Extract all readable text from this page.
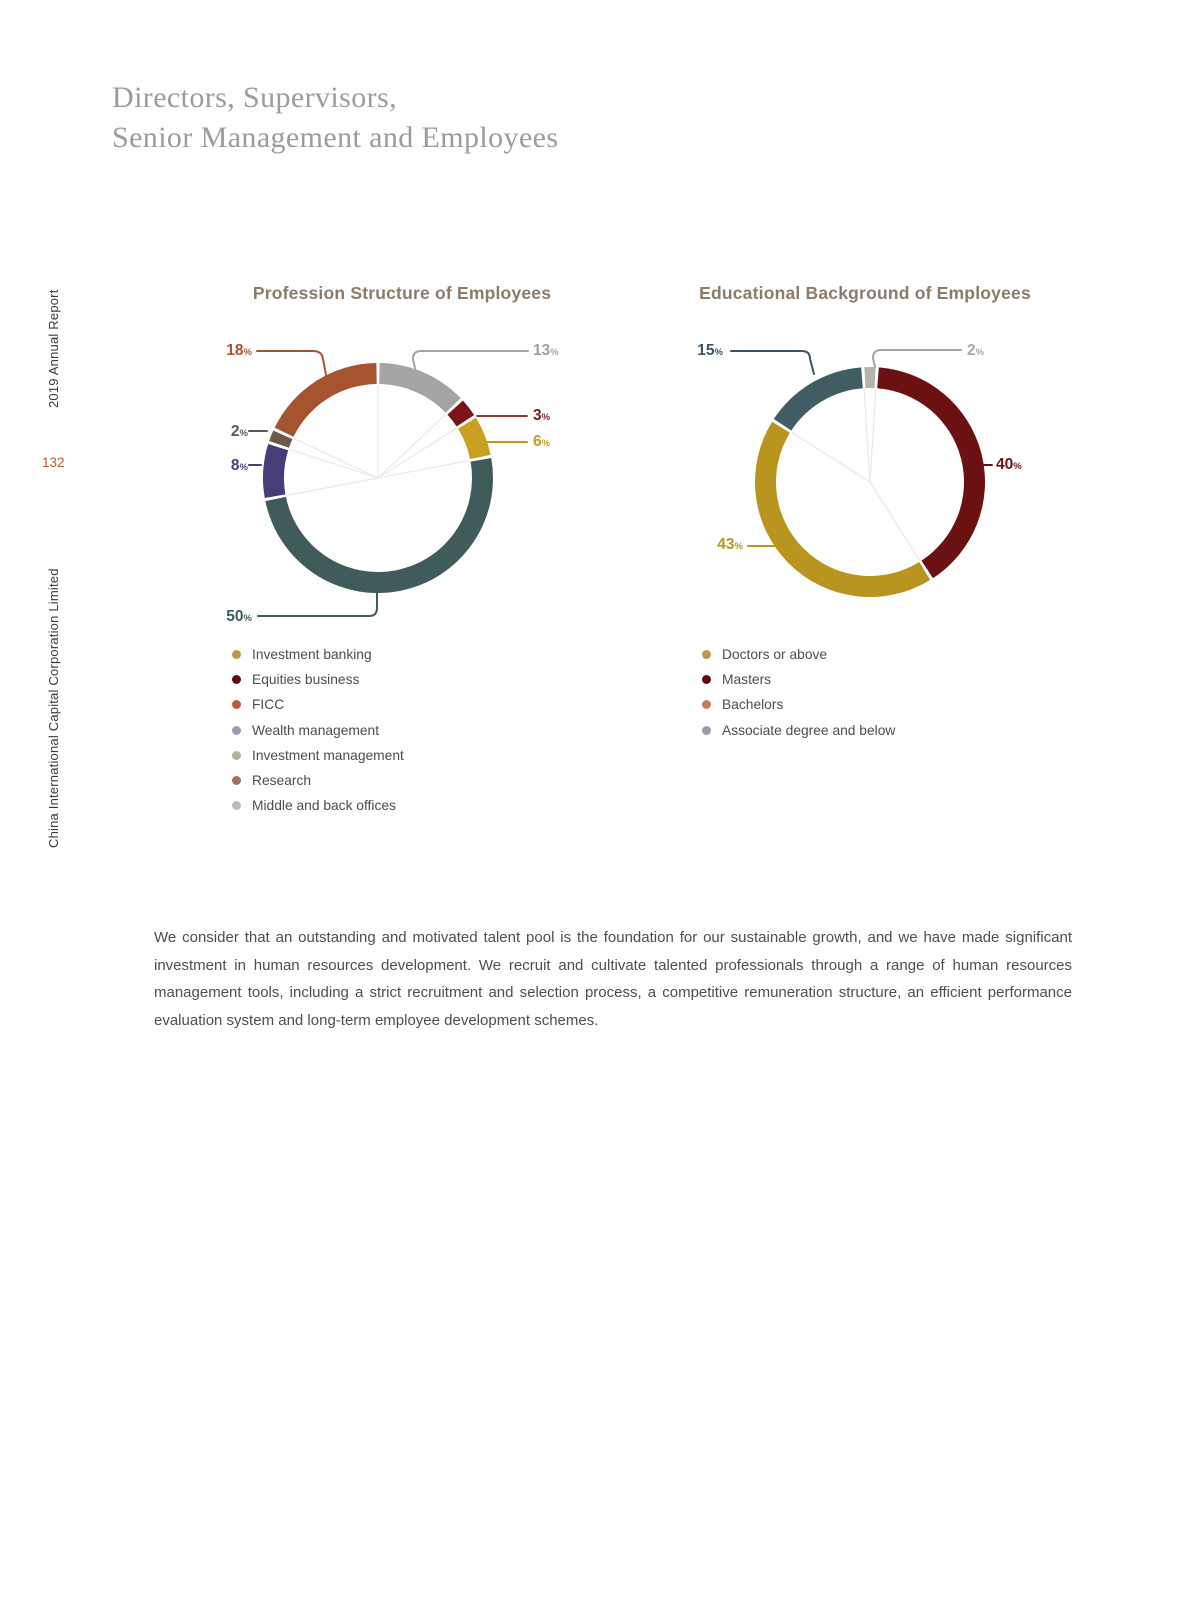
Directors, Supervisors,
Senior Management and Employees
2019 Annual Report
132
China International Capital Corporation Limited
Profession Structure of Employees
13%
3%
6%
50%
8%
2%
18%
Investment banking
Equities business
FICC
Wealth management
Investment management
Research
Middle and back offices
Educational Background of Employees
2%
40%
43%
15%
Doctors or above
Masters
Bachelors
Associate degree and below

We consider that an outstanding and motivated talent pool is the foundation for our sustainable growth, and we have made significant investment in human resources development. We recruit and cultivate talented professionals through a range of human resources management tools, including a strict recruitment and selection process, a competitive remuneration structure, an efficient performance evaluation system and long-term employee development schemes.
